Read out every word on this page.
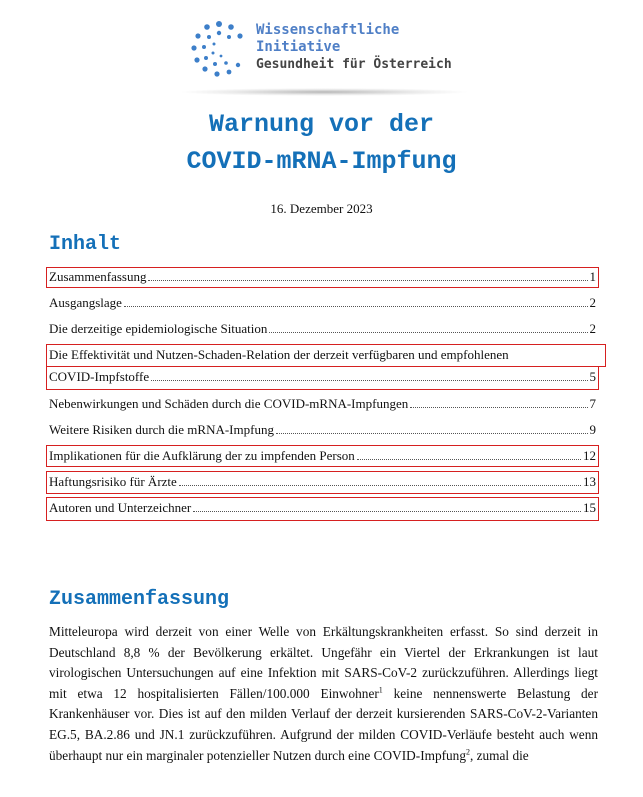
Wissenschaftliche
Initiative
Gesundheit für Österreich
Warnung vor der
COVID-mRNA-Impfung
16. Dezember 2023
Inhalt
Zusammenfassung	1
Ausgangslage	2
Die derzeitige epidemiologische Situation	2
Die Effektivität und Nutzen-Schaden-Relation der derzeit verfügbaren und empfohlenen
COVID-Impfstoffe	5
Nebenwirkungen und Schäden durch die COVID-mRNA-Impfungen	7
Weitere Risiken durch die mRNA-Impfung	9
Implikationen für die Aufklärung der zu impfenden Person	12
Haftungsrisiko für Ärzte	13
Autoren und Unterzeichner	15
Zusammenfassung
Mitteleuropa wird derzeit von einer Welle von Erkältungskrankheiten erfasst. So sind derzeit in Deutschland 8,8 % der Bevölkerung erkältet. Ungefähr ein Viertel der Erkrankungen ist laut virologischen Untersuchungen auf eine Infektion mit SARS-CoV-2 zurückzuführen. Allerdings liegt mit etwa 12 hospitalisierten Fällen/100.000 Einwohner$^1$ keine nennenswerte Belastung der Krankenhäuser vor. Dies ist auf den milden Verlauf der derzeit kursierenden SARS-CoV-2-Varianten EG.5, BA.2.86 und JN.1 zurückzuführen. Aufgrund der milden COVID-Verläufe besteht auch wenn überhaupt nur ein marginaler potenzieller Nutzen durch eine COVID-Impfung$^2$, zumal die
